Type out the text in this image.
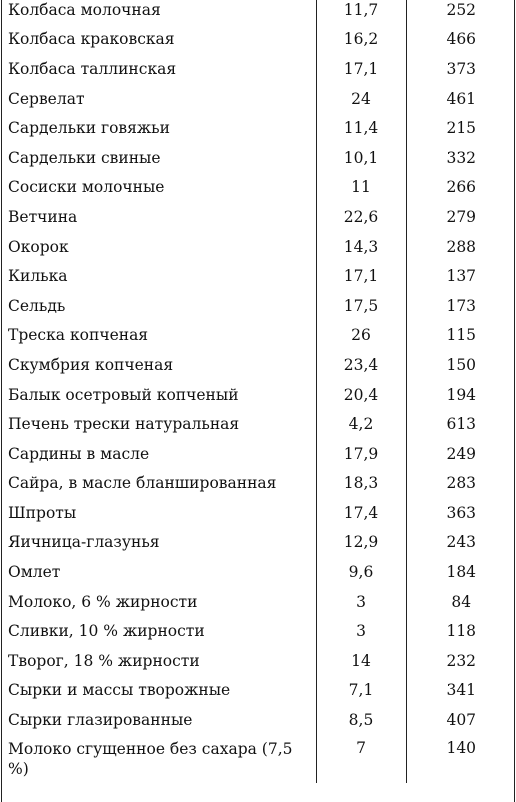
Колбаса молочная	11,7	252
Колбаса краковская	16,2	466
Колбаса таллинская	17,1	373
Сервелат	24	461
Сардельки говяжьи	11,4	215
Сардельки свиные	10,1	332
Сосиски молочные	11	266
Ветчина	22,6	279
Окорок	14,3	288
Килька	17,1	137
Сельдь	17,5	173
Треска копченая	26	115
Скумбрия копченая	23,4	150
Балык осетровый копченый	20,4	194
Печень трески натуральная	4,2	613
Сардины в масле	17,9	249
Сайра, в масле бланшированная	18,3	283
Шпроты	17,4	363
Яичница-глазунья	12,9	243
Омлет	9,6	184
Молоко, 6 % жирности	3	84
Сливки, 10 % жирности	3	118
Творог, 18 % жирности	14	232
Сырки и массы творожные	7,1	341
Сырки глазированные	8,5	407
Молоко сгущенное без сахара (7,5 %)	7	140
